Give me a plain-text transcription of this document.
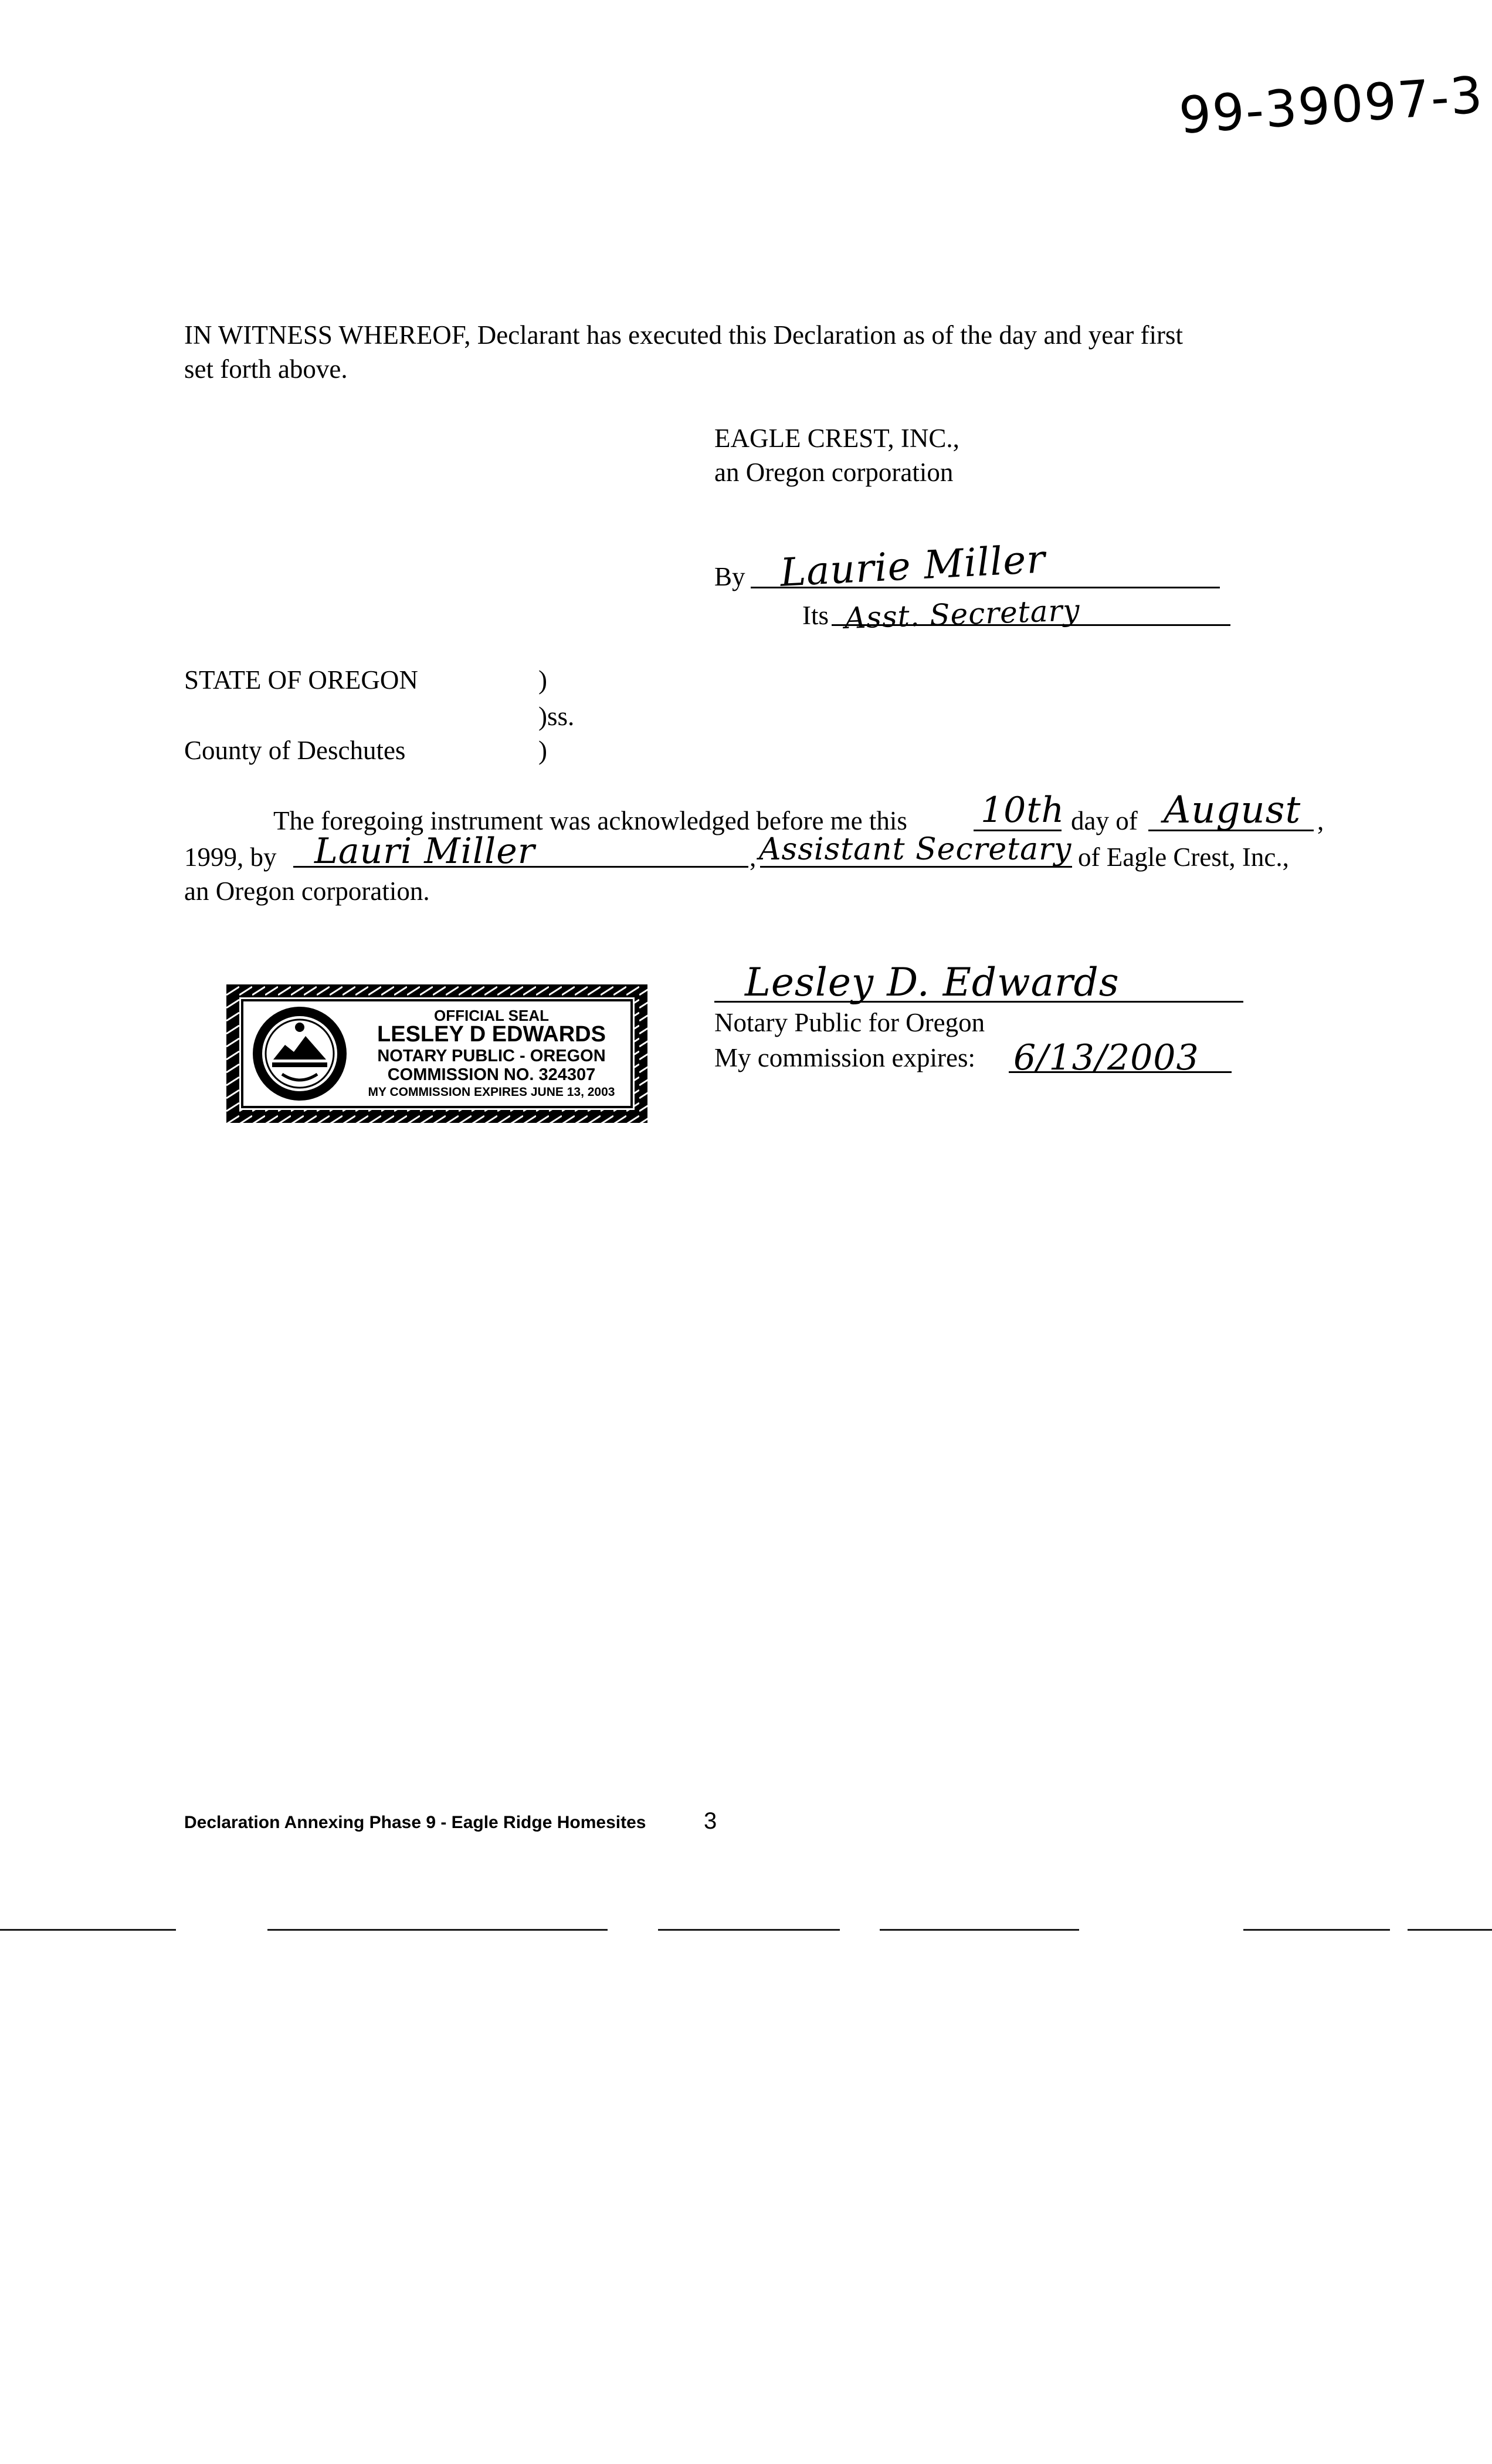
99-39097-3
IN WITNESS WHEREOF, Declarant has executed this Declaration as of the day and year first
set forth above.
EAGLE CREST, INC.,
an Oregon corporation
By Laurie Miller
Its Asst. Secretary
STATE OF OREGON	)
)ss.
County of Deschutes	)
The foregoing instrument was acknowledged before me this 10th day of August ,
1999, by Lauri Miller	, Assistant Secretary of Eagle Crest, Inc.,
an Oregon corporation.
OFFICIAL SEAL
LESLEY D EDWARDS
NOTARY PUBLIC - OREGON
COMMISSION NO. 324307
MY COMMISSION EXPIRES JUNE 13, 2003
Lesley D. Edwards
Notary Public for Oregon
My commission expires: 6/13/2003
Declaration Annexing Phase 9 - Eagle Ridge Homesites 3
